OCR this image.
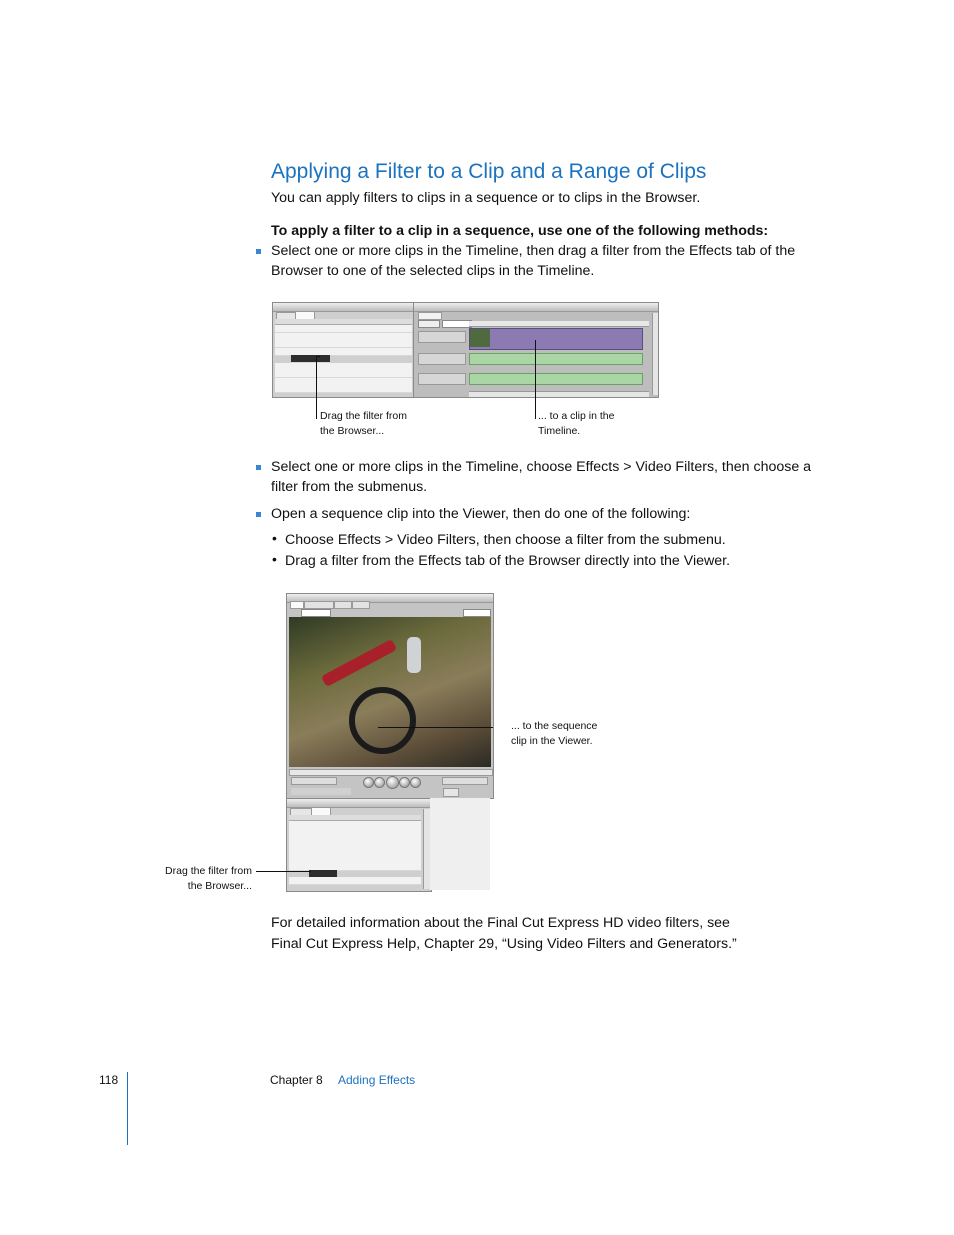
Applying a Filter to a Clip and a Range of Clips
You can apply filters to clips in a sequence or to clips in the Browser.
To apply a filter to a clip in a sequence, use one of the following methods:
Select one or more clips in the Timeline, then drag a filter from the Effects tab of the
Browser to one of the selected clips in the Timeline.
Drag the filter from
the Browser...
... to a clip in the
Timeline.
Select one or more clips in the Timeline, choose Effects > Video Filters, then choose a
filter from the submenus.
Open a sequence clip into the Viewer, then do one of the following:
• Choose Effects > Video Filters, then choose a filter from the submenu.
• Drag a filter from the Effects tab of the Browser directly into the Viewer.
... to the sequence
clip in the Viewer.
Drag the filter from
the Browser...
For detailed information about the Final Cut Express HD video filters, see
Final Cut Express Help, Chapter 29, “Using Video Filters and Generators.”
118	Chapter 8 Adding Effects
